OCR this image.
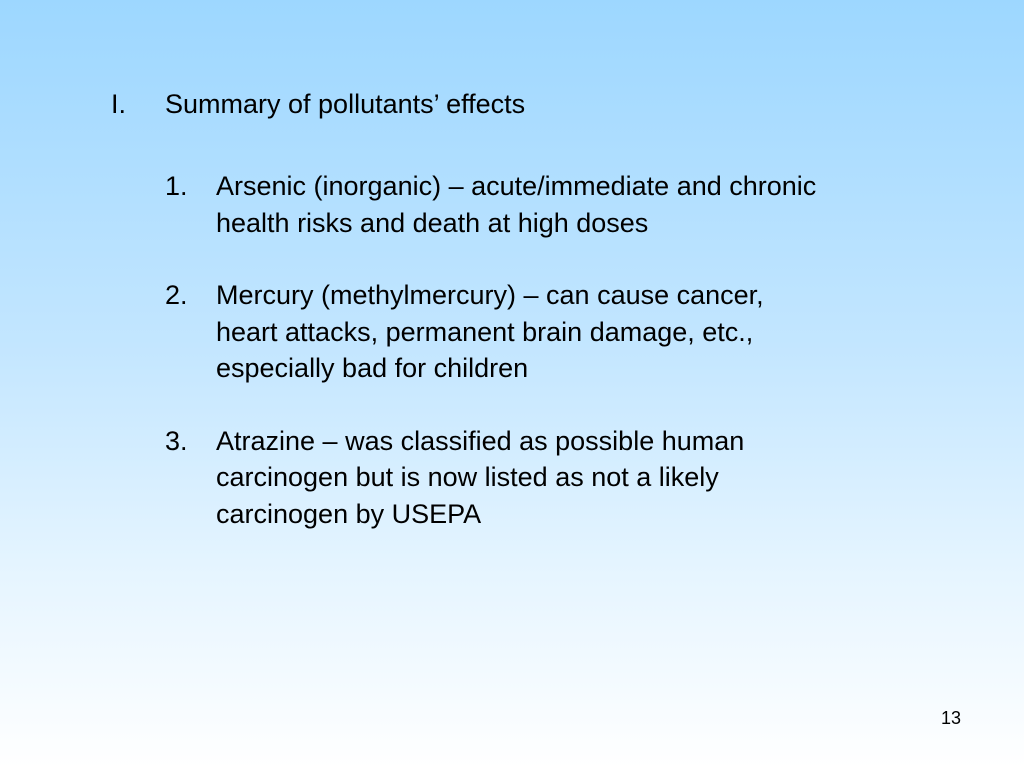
I. Summary of pollutants’ effects
1. Arsenic (inorganic) – acute/immediate and chronic
health risks and death at high doses
2. Mercury (methylmercury) – can cause cancer,
heart attacks, permanent brain damage, etc.,
especially bad for children
3. Atrazine – was classified as possible human
carcinogen but is now listed as not a likely
carcinogen by USEPA
13
